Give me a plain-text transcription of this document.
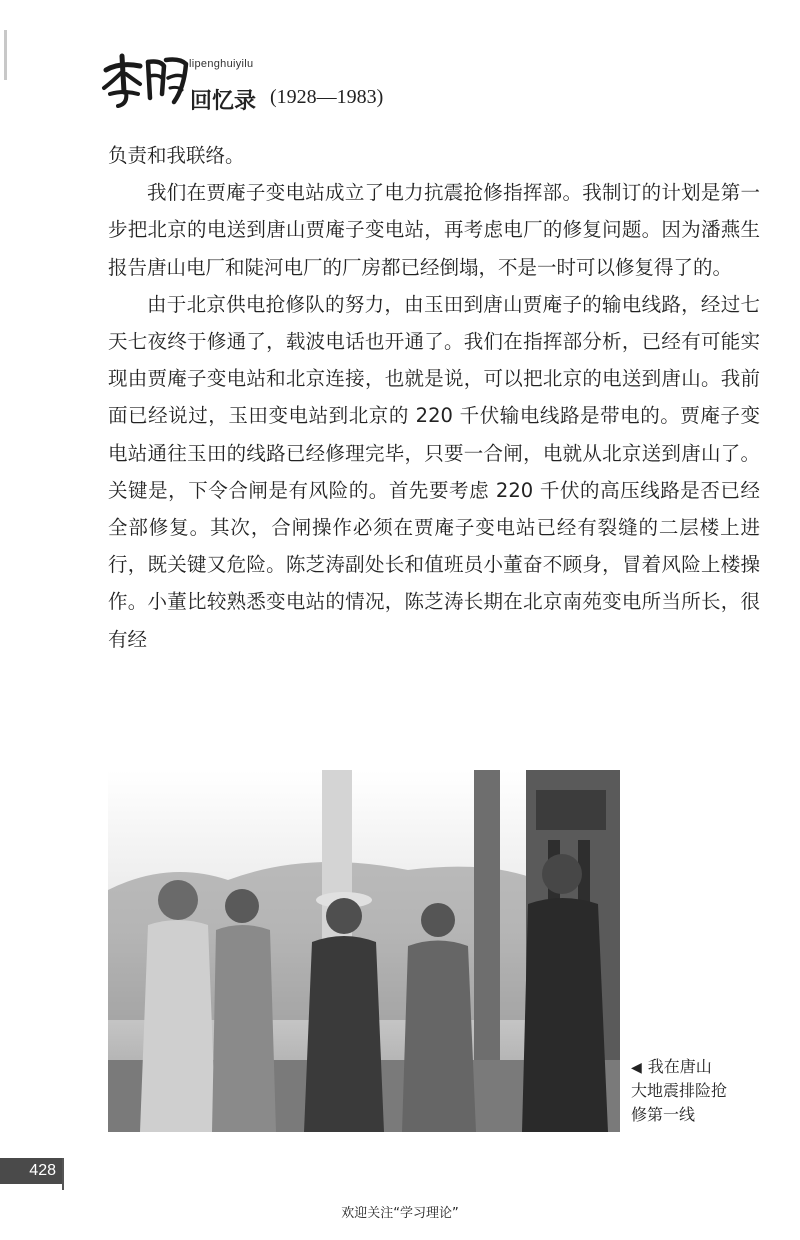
lipenghuiyilu
回忆录 (1928—1983)

负责和我联络。

我们在贾庵子变电站成立了电力抗震抢修指挥部。我制订的计划是第一步把北京的电送到唐山贾庵子变电站，再考虑电厂的修复问题。因为潘燕生报告唐山电厂和陡河电厂的厂房都已经倒塌，不是一时可以修复得了的。

由于北京供电抢修队的努力，由玉田到唐山贾庵子的输电线路，经过七天七夜终于修通了，载波电话也开通了。我们在指挥部分析，已经有可能实现由贾庵子变电站和北京连接，也就是说，可以把北京的电送到唐山。我前面已经说过，玉田变电站到北京的 220 千伏输电线路是带电的。贾庵子变电站通往玉田的线路已经修理完毕，只要一合闸，电就从北京送到唐山了。关键是，下令合闸是有风险的。首先要考虑 220 千伏的高压线路是否已经全部修复。其次，合闸操作必须在贾庵子变电站已经有裂缝的二层楼上进行，既关键又危险。陈芝涛副处长和值班员小董奋不顾身，冒着风险上楼操作。小董比较熟悉变电站的情况，陈芝涛长期在北京南苑变电所当所长，很有经

◀ 我在唐山
大地震排险抢
修第一线
428
欢迎关注“学习理论”
